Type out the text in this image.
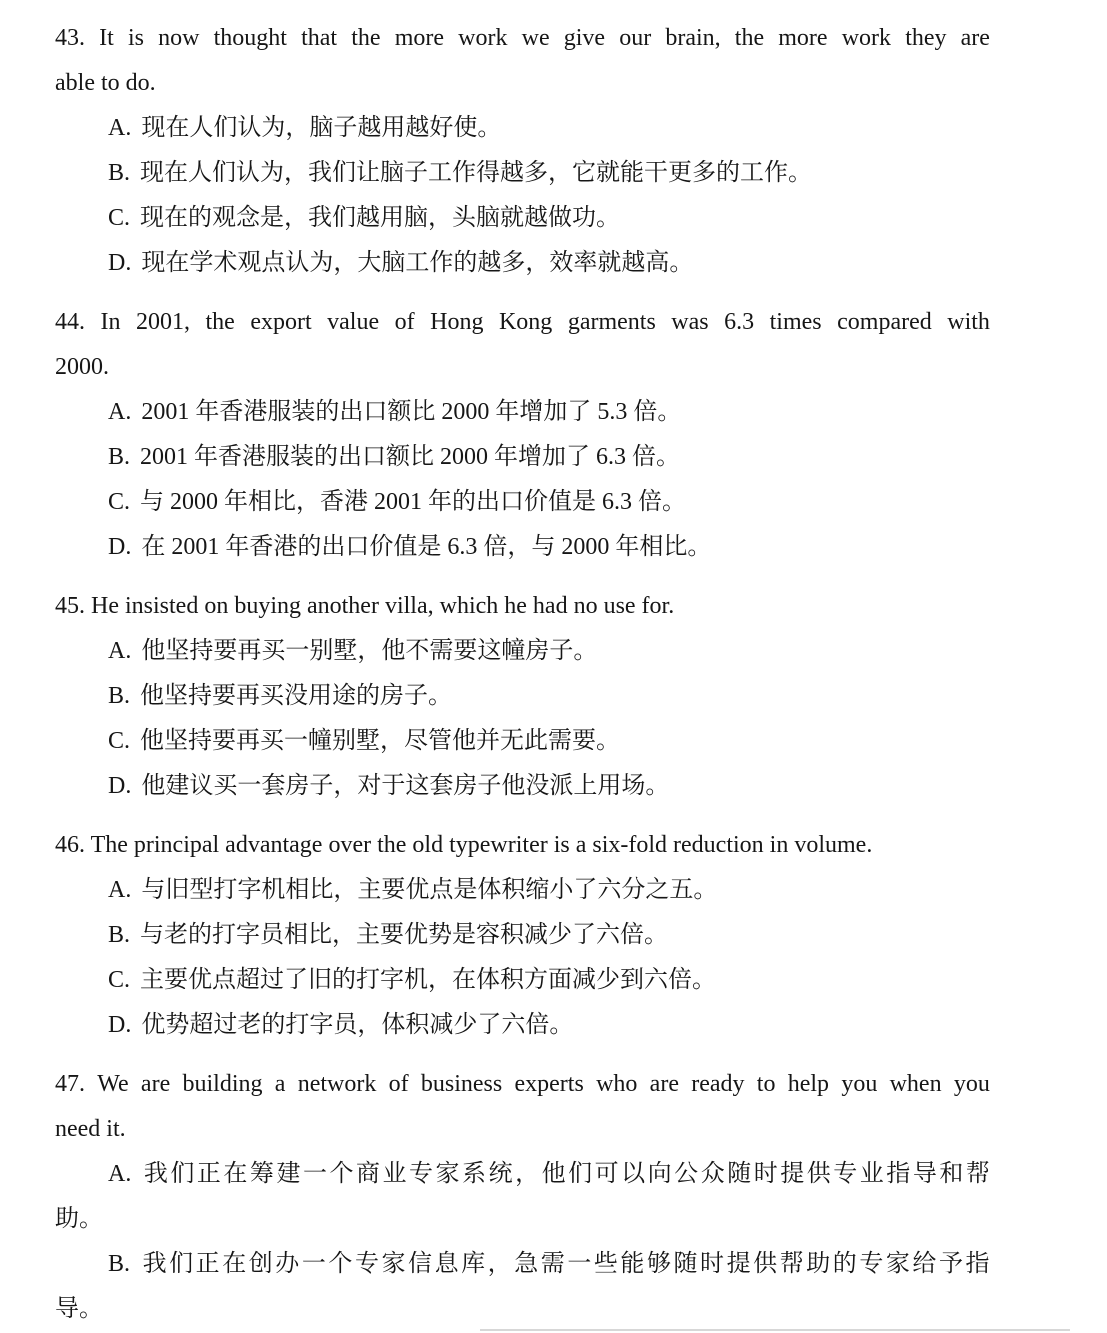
43. It is now thought that the more work we give our brain, the more work they are
able to do.
A. 现在人们认为，脑子越用越好使。
B. 现在人们认为，我们让脑子工作得越多，它就能干更多的工作。
C. 现在的观念是，我们越用脑，头脑就越做功。
D. 现在学术观点认为，大脑工作的越多，效率就越高。
44. In 2001, the export value of Hong Kong garments was 6.3 times compared with
2000.
A. 2001 年香港服装的出口额比 2000 年增加了 5.3 倍。
B. 2001 年香港服装的出口额比 2000 年增加了 6.3 倍。
C. 与 2000 年相比，香港 2001 年的出口价值是 6.3 倍。
D. 在 2001 年香港的出口价值是 6.3 倍，与 2000 年相比。
45. He insisted on buying another villa, which he had no use for.
A. 他坚持要再买一别墅，他不需要这幢房子。
B. 他坚持要再买没用途的房子。
C. 他坚持要再买一幢别墅，尽管他并无此需要。
D. 他建议买一套房子，对于这套房子他没派上用场。
46. The principal advantage over the old typewriter is a six-fold reduction in volume.
A. 与旧型打字机相比，主要优点是体积缩小了六分之五。
B. 与老的打字员相比，主要优势是容积减少了六倍。
C. 主要优点超过了旧的打字机，在体积方面减少到六倍。
D. 优势超过老的打字员，体积减少了六倍。
47. We are building a network of business experts who are ready to help you when you
need it.
A. 我 们 正 在 筹 建 一 个 商 业 专 家 系 统 ， 他 们 可 以 向 公 众 随 时 提 供 专 业 指 导 和 帮
助。
B. 我 们 正 在 创 办 一 个 专 家 信 息 库 ， 急 需 一 些 能 够 随 时 提 供 帮 助 的 专 家 给 予 指
导。
